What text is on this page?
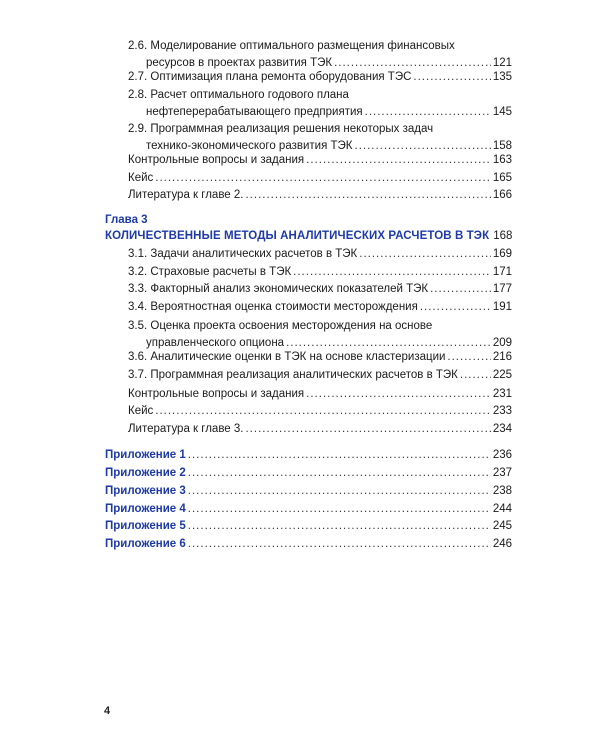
2.6. Моделирование оптимального размещения финансовых
ресурсов в проектах развития ТЭК .....	121
2.7. Оптимизация плана ремонта оборудования ТЭС .....	135
2.8. Расчет оптимального годового плана
нефтеперерабатывающего предприятия .....	145
2.9. Программная реализация решения некоторых задач
технико-экономического развития ТЭК .....	158
Контрольные вопросы и задания .....	163
Кейс .....	165
Литература к главе 2. .....	166
Глава 3
КОЛИЧЕСТВЕННЫЕ МЕТОДЫ АНАЛИТИЧЕСКИХ РАСЧЕТОВ В ТЭК 168
3.1. Задачи аналитических расчетов в ТЭК .....	169
3.2. Страховые расчеты в ТЭК .....	171
3.3. Факторный анализ экономических показателей ТЭК .....	177
3.4. Вероятностная оценка стоимости месторождения .....	191
3.5. Оценка проекта освоения месторождения на основе
управленческого опциона .....	209
3.6. Аналитические оценки в ТЭК на основе кластеризации .....	216
3.7. Программная реализация аналитических расчетов в ТЭК .....	225
Контрольные вопросы и задания .....	231
Кейс .....	233
Литература к главе 3. .....	234
Приложение 1 .....	236
Приложение 2 .....	237
Приложение 3 .....	238
Приложение 4 .....	244
Приложение 5 .....	245
Приложение 6 .....	246
4
